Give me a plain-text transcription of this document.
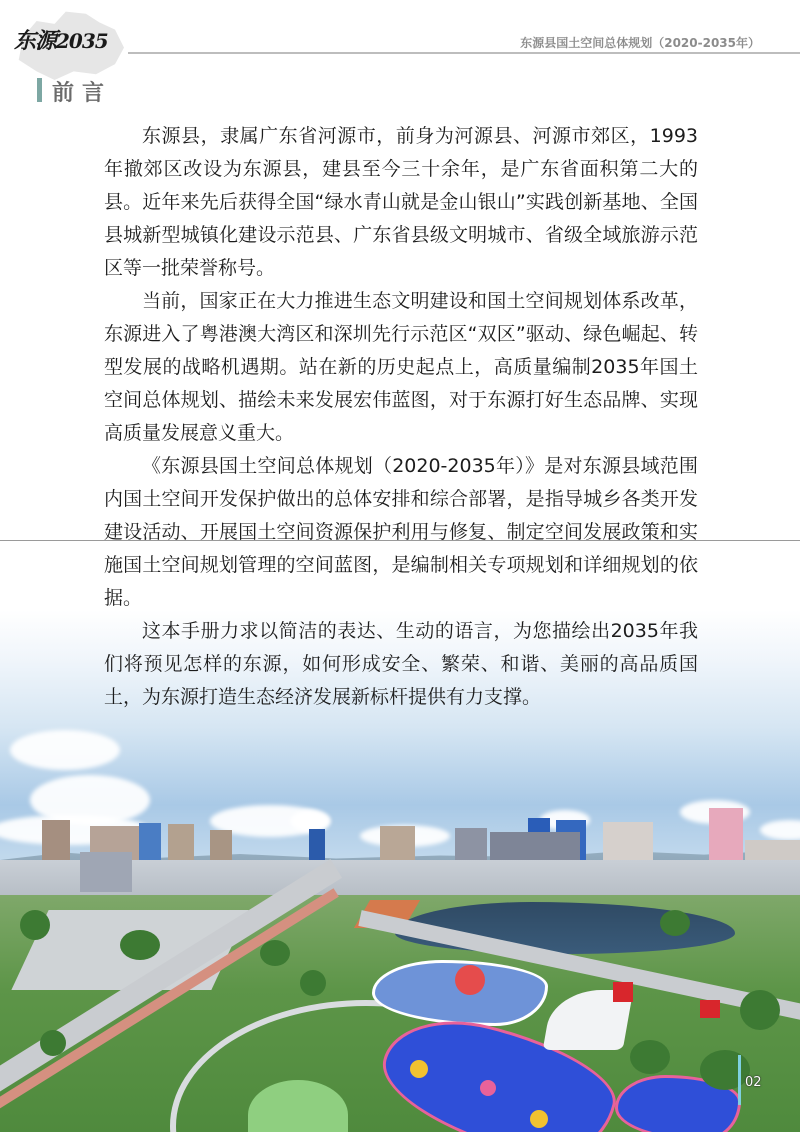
东源2035	东源县国土空间总体规划（2020-2035年）
前言

东源县，隶属广东省河源市，前身为河源县、河源市郊区，1993年撤郊区改设为东源县，建县至今三十余年，是广东省面积第二大的县。近年来先后获得全国“绿水青山就是金山银山”实践创新基地、全国县城新型城镇化建设示范县、广东省县级文明城市、省级全域旅游示范区等一批荣誉称号。

当前，国家正在大力推进生态文明建设和国土空间规划体系改革，东源进入了粤港澳大湾区和深圳先行示范区“双区”驱动、绿色崛起、转型发展的战略机遇期。站在新的历史起点上，高质量编制2035年国土空间总体规划、描绘未来发展宏伟蓝图，对于东源打好生态品牌、实现高质量发展意义重大。

《东源县国土空间总体规划（2020-2035年）》是对东源县域范围内国土空间开发保护做出的总体安排和综合部署，是指导城乡各类开发建设活动、开展国土空间资源保护利用与修复、制定空间发展政策和实施国土空间规划管理的空间蓝图，是编制相关专项规划和详细规划的依据。

这本手册力求以简洁的表达、生动的语言，为您描绘出2035年我们将预见怎样的东源，如何形成安全、繁荣、和谐、美丽的高品质国土，为东源打造生态经济发展新标杆提供有力支撑。

02
